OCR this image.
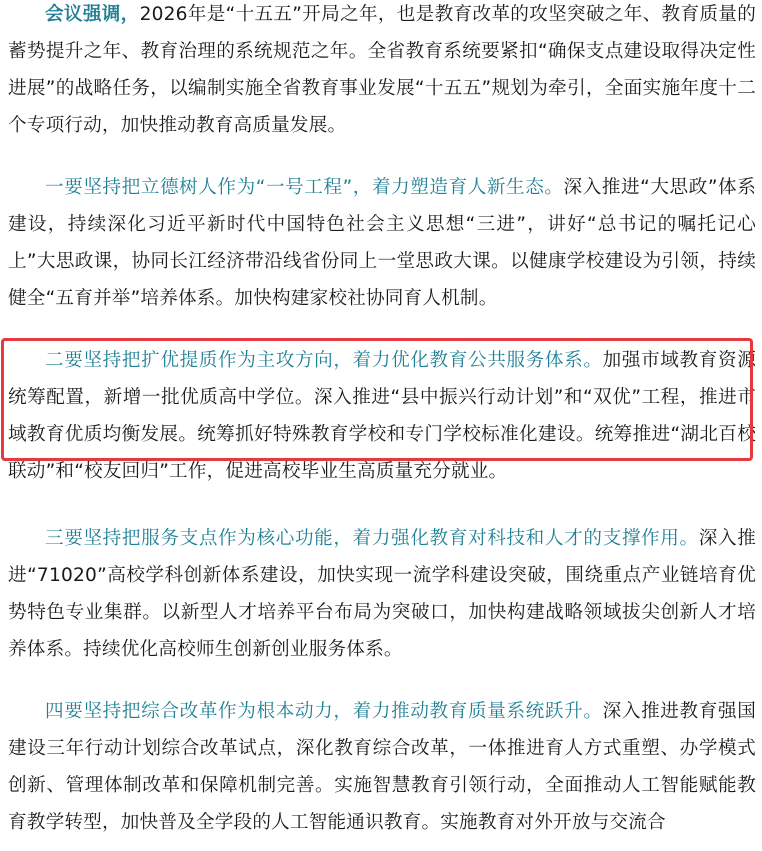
会议强调，2026年是“十五五”开局之年，也是教育改革的攻坚突破之年、教育质量的蓄势提升之年、教育治理的系统规范之年。全省教育系统要紧扣“确保支点建设取得决定性进展”的战略任务，以编制实施全省教育事业发展“十五五”规划为牵引，全面实施年度十二个专项行动，加快推动教育高质量发展。

一要坚持把立德树人作为“一号工程”，着力塑造育人新生态。深入推进“大思政”体系建设，持续深化习近平新时代中国特色社会主义思想“三进”，讲好“总书记的嘱托记心上”大思政课，协同长江经济带沿线省份同上一堂思政大课。以健康学校建设为引领，持续健全“五育并举”培养体系。加快构建家校社协同育人机制。

二要坚持把扩优提质作为主攻方向，着力优化教育公共服务体系。加强市域教育资源统筹配置，新增一批优质高中学位。深入推进“县中振兴行动计划”和“双优”工程，推进市域教育优质均衡发展。统筹抓好特殊教育学校和专门学校标准化建设。统筹推进“湖北百校联动”和“校友回归”工作，促进高校毕业生高质量充分就业。

三要坚持把服务支点作为核心功能，着力强化教育对科技和人才的支撑作用。深入推进“71020”高校学科创新体系建设，加快实现一流学科建设突破，围绕重点产业链培育优势特色专业集群。以新型人才培养平台布局为突破口，加快构建战略领域拔尖创新人才培养体系。持续优化高校师生创新创业服务体系。

四要坚持把综合改革作为根本动力，着力推动教育质量系统跃升。深入推进教育强国建设三年行动计划综合改革试点，深化教育综合改革，一体推进育人方式重塑、办学模式创新、管理体制改革和保障机制完善。实施智慧教育引领行动，全面推动人工智能赋能教育教学转型，加快普及全学段的人工智能通识教育。实施教育对外开放与交流合
